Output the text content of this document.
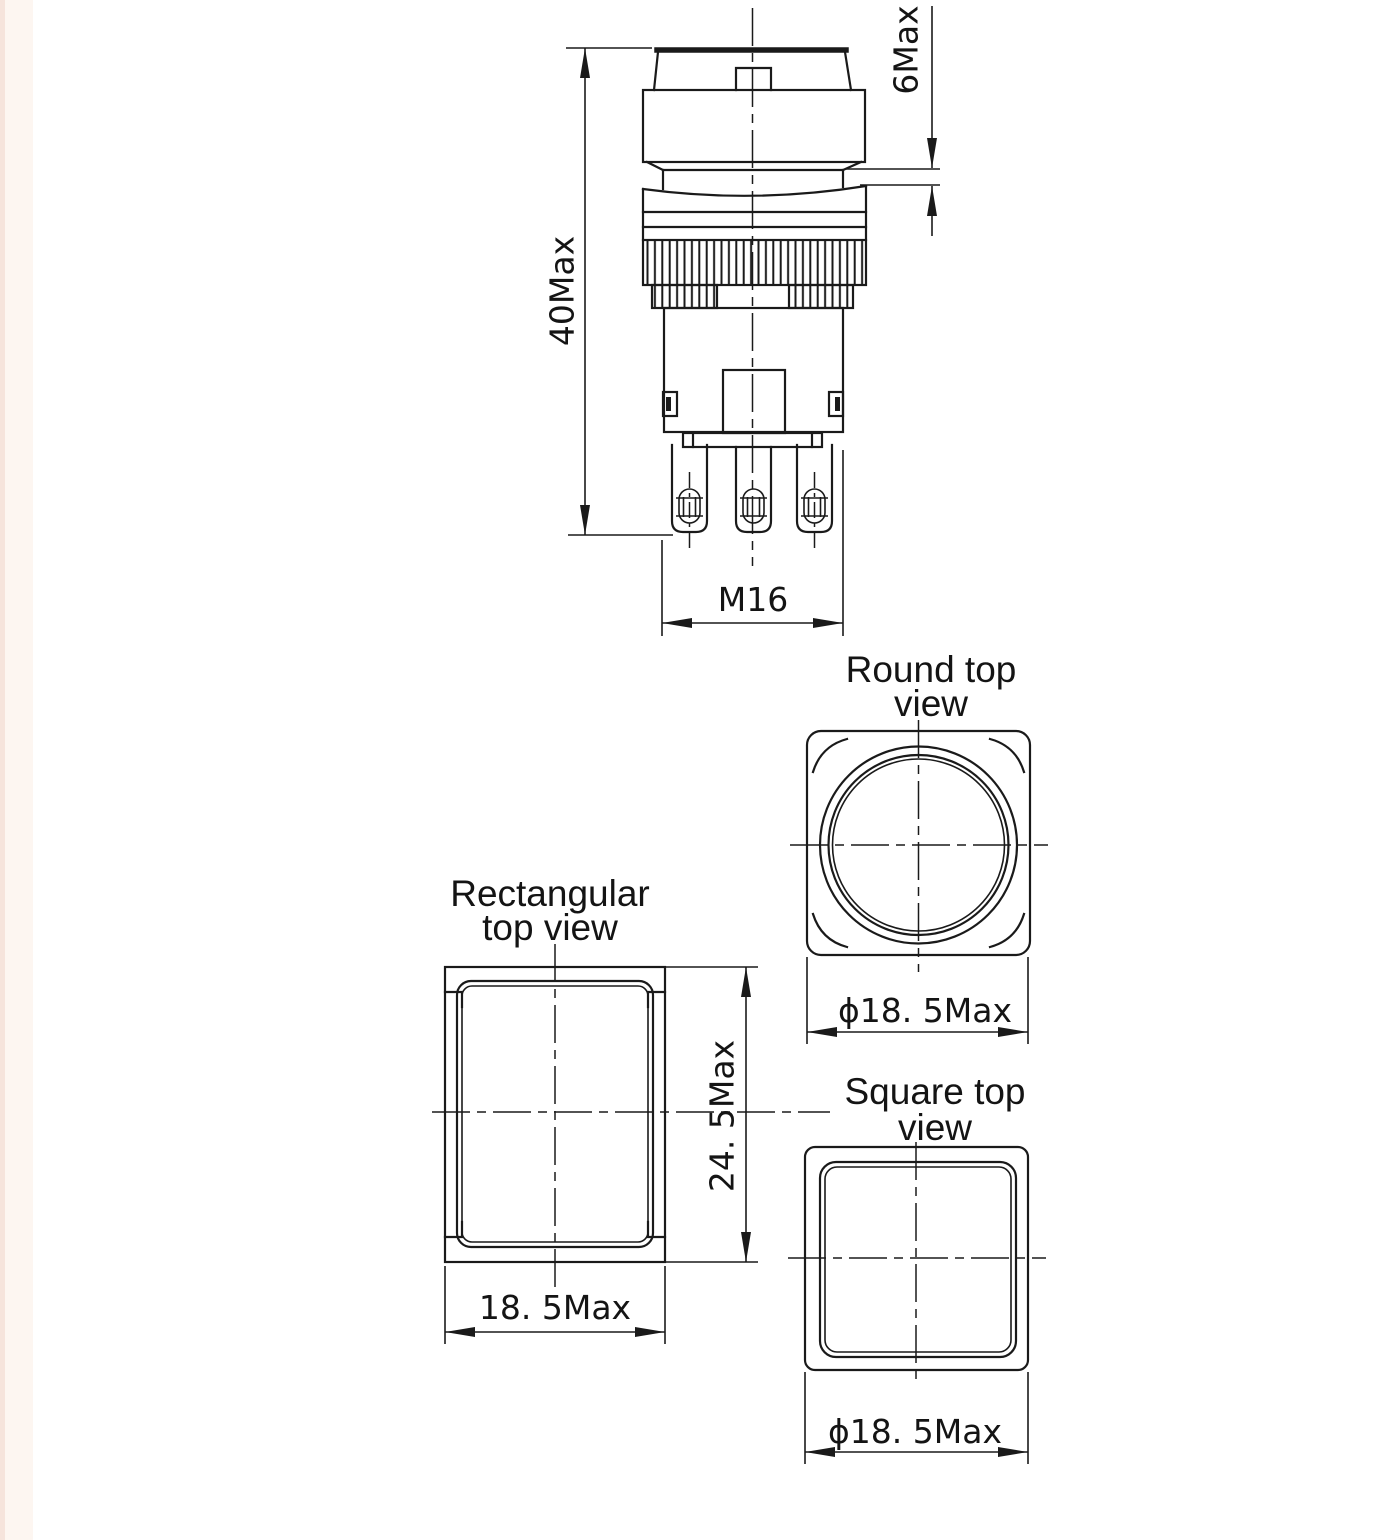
40Max
6Max
M16
Round top
view
ϕ18. 5Max
Rectangular
top view
24. 5Max
18. 5Max
Square top
view
ϕ18. 5Max
